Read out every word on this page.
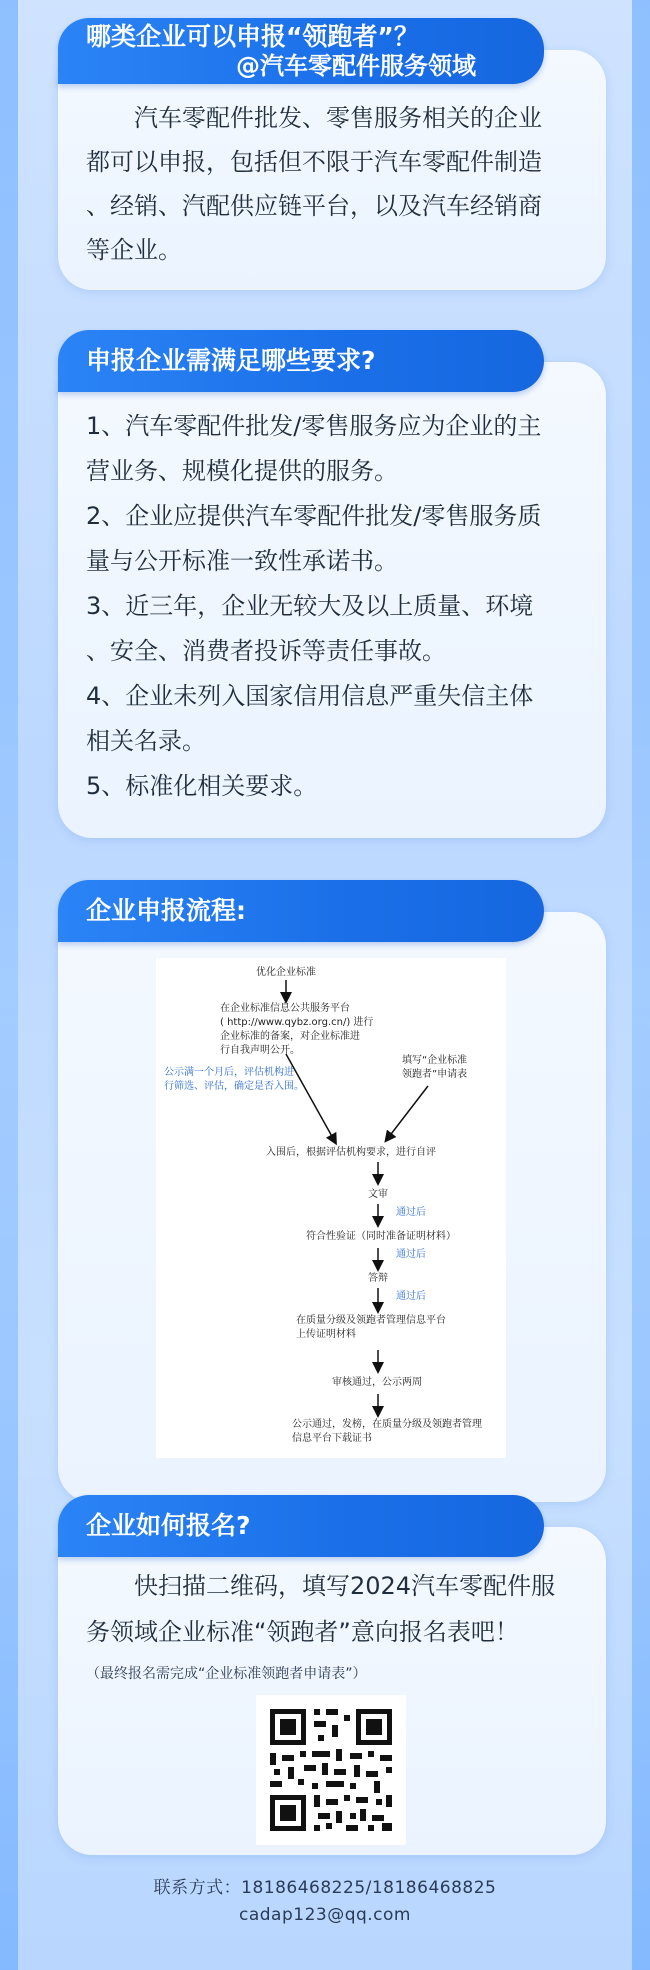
汽车零配件批发、零售服务相关的企业
都可以申报，包括但不限于汽车零配件制造
、经销、汽配供应链平台，以及汽车经销商
等企业。
哪类企业可以申报“领跑者”？
@汽车零配件服务领域
1、汽车零配件批发/零售服务应为企业的主
营业务、规模化提供的服务。
2、企业应提供汽车零配件批发/零售服务质
量与公开标准一致性承诺书。
3、近三年，企业无较大及以上质量、环境
、安全、消费者投诉等责任事故。
4、企业未列入国家信用信息严重失信主体
相关名录。
5、标准化相关要求。
申报企业需满足哪些要求?
优化企业标准
在企业标准信息公共服务平台
( http://www.qybz.org.cn/) 进行
企业标准的备案，对企业标准进
行自我声明公开。
公示满一个月后，评估机构进
行筛选、评估，确定是否入围。
填写“企业标准
领跑者”申请表
入围后，根据评估机构要求，进行自评
文审
通过后
符合性验证（同时准备证明材料）
通过后
答辩
通过后
在质量分级及领跑者管理信息平台
上传证明材料
审核通过，公示两周
公示通过，发榜，在质量分级及领跑者管理
信息平台下载证书
企业申报流程:
快扫描二维码，填写2024汽车零配件服
务领域企业标准“领跑者”意向报名表吧！
（最终报名需完成“企业标准领跑者申请表”）
企业如何报名?
联系方式：18186468225/18186468825
cadap123@qq.com
